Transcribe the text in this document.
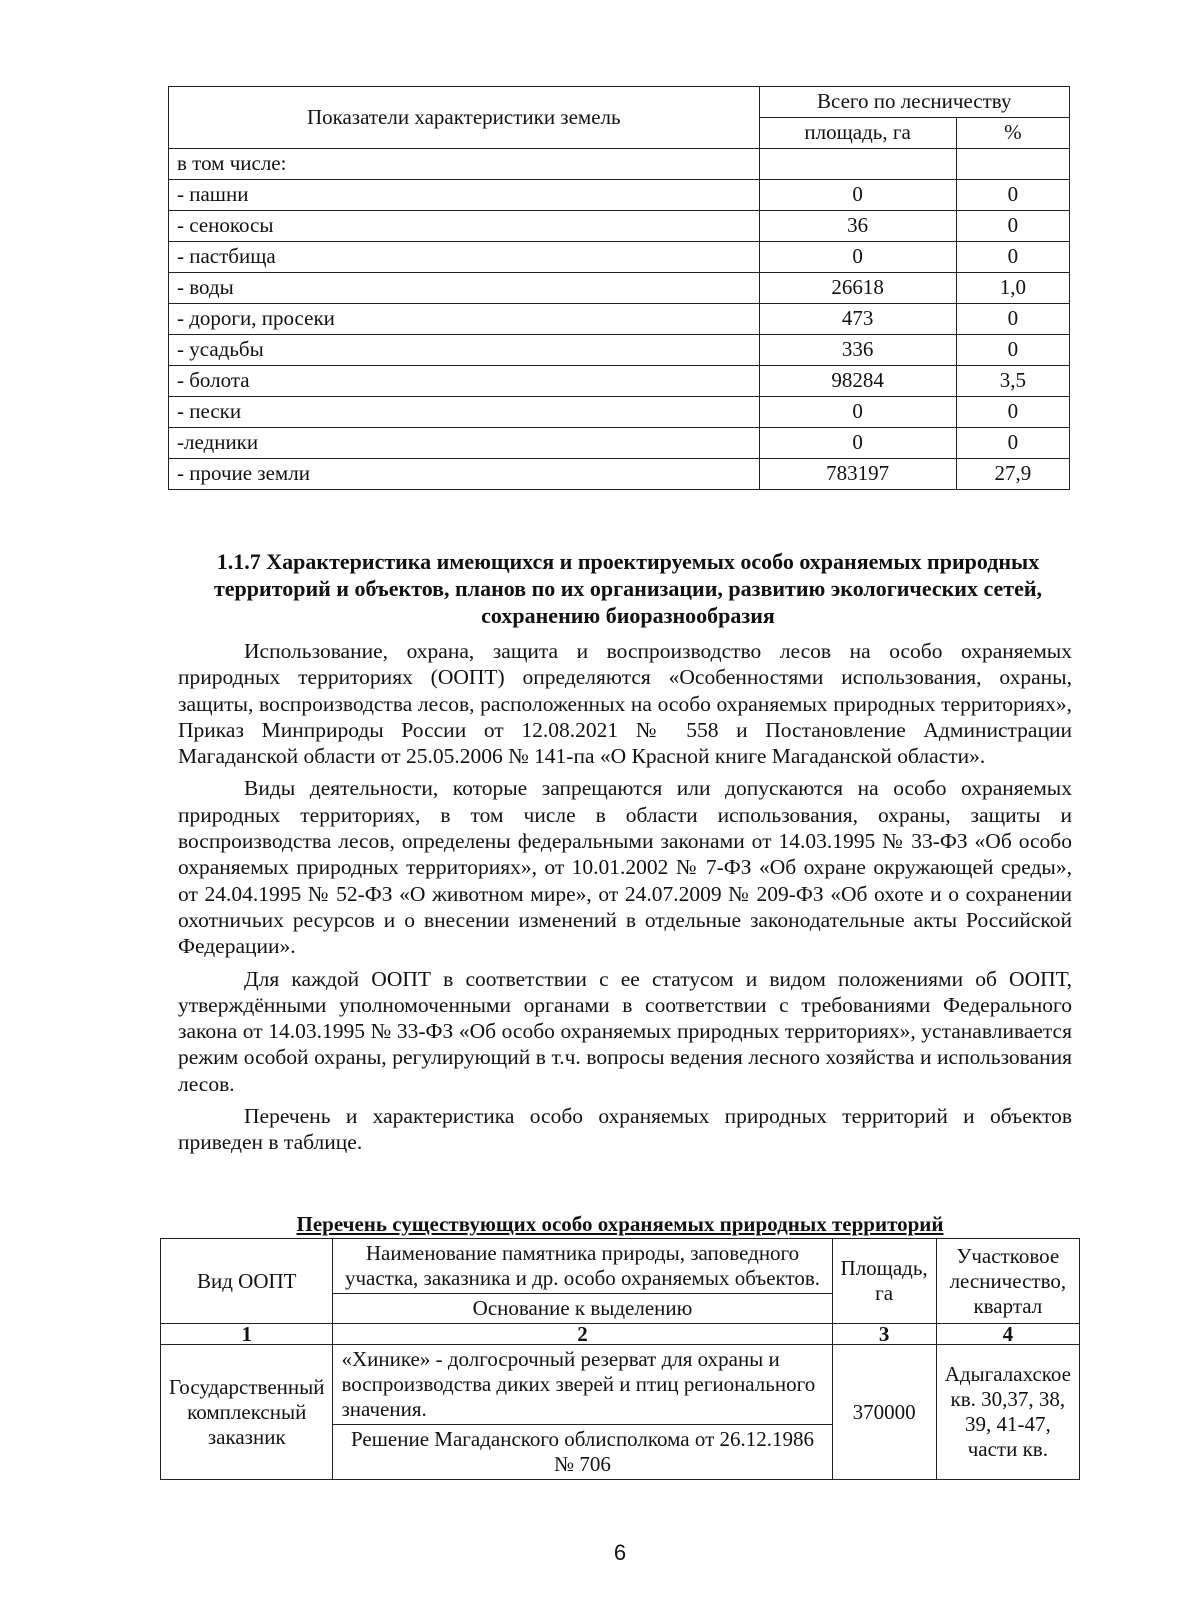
Показатели характеристики земель	Всего по лесничеству	
	площадь, га	%
в том числе:		
- пашни	0	0
- сенокосы	36	0
- пастбища	0	0
- воды	26618	1,0
- дороги, просеки	473	0
- усадьбы	336	0
- болота	98284	3,5
- пески	0	0
-ледники	0	0
- прочие земли	783197	27,9
1.1.7 Характеристика имеющихся и проектируемых особо охраняемых природных территорий и объектов, планов по их организации, развитию экологических сетей, сохранению биоразнообразия

Использование, охрана, защита и воспроизводство лесов на особо охраняемых природных территориях (ООПТ) определяются «Особенностями использования, охраны, защиты, воспроизводства лесов, расположенных на особо охраняемых природных территориях», Приказ Минприроды России от 12.08.2021 № 558 и Постановление Администрации Магаданской области от 25.05.2006 № 141-па «О Красной книге Магаданской области».

Виды деятельности, которые запрещаются или допускаются на особо охраняемых природных территориях, в том числе в области использования, охраны, защиты и воспроизводства лесов, определены федеральными законами от 14.03.1995 № 33-ФЗ «Об особо охраняемых природных территориях», от 10.01.2002 № 7-ФЗ «Об охране окружающей среды», от 24.04.1995 № 52-ФЗ «О животном мире», от 24.07.2009 № 209-ФЗ «Об охоте и о сохранении охотничьих ресурсов и о внесении изменений в отдельные законодательные акты Российской Федерации».

Для каждой ООПТ в соответствии с ее статусом и видом положениями об ООПТ, утверждёнными уполномоченными органами в соответствии с требованиями Федерального закона от 14.03.1995 № 33-ФЗ «Об особо охраняемых природных территориях», устанавливается режим особой охраны, регулирующий в т.ч. вопросы ведения лесного хозяйства и использования лесов.

Перечень и характеристика особо охраняемых природных территорий и объектов приведен в таблице.

Перечень существующих особо охраняемых природных территорий
Вид ООПТ	Наименование памятника природы, заповедного участка, заказника и др. особо охраняемых объектов.	Площадь, га	Участковое лесничество, квартал
	Основание к выделению		
1	2	3	4
Государственный комплексный заказник	«Хинике» - долгосрочный резерват для охраны и воспроизводства диких зверей и птиц регионального значения.	370000	Адыгалахское кв. 30,37, 38, 39, 41-47, части кв.
	Решение Магаданского облисполкома от 26.12.1986 № 706		
6
